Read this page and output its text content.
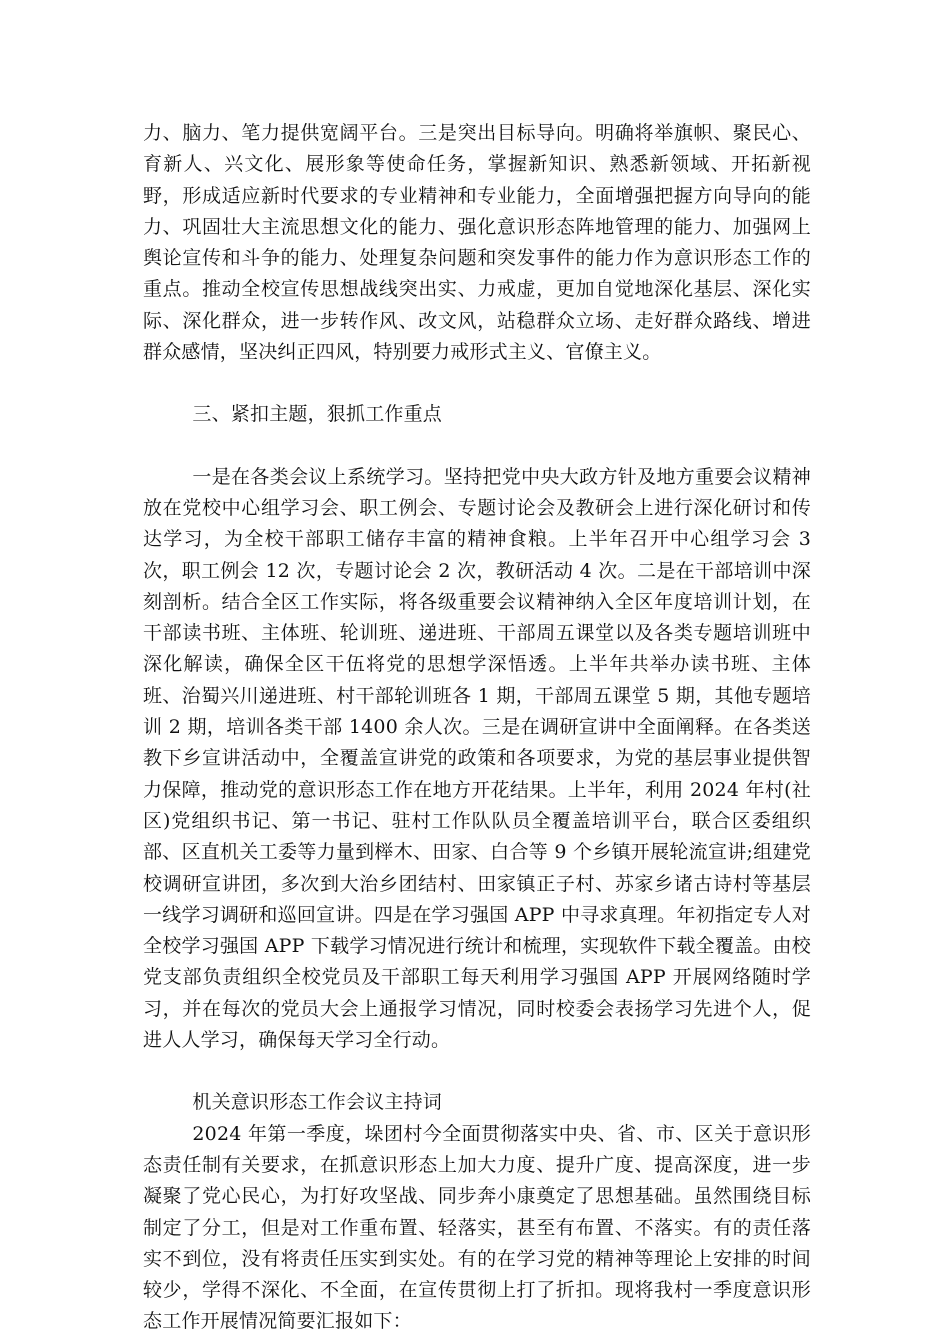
力、脑力、笔力提供宽阔平台。三是突出目标导向。明确将举旗帜、聚民心、育新人、兴文化、展形象等使命任务，掌握新知识、熟悉新领域、开拓新视野，形成适应新时代要求的专业精神和专业能力，全面增强把握方向导向的能力、巩固壮大主流思想文化的能力、强化意识形态阵地管理的能力、加强网上舆论宣传和斗争的能力、处理复杂问题和突发事件的能力作为意识形态工作的重点。推动全校宣传思想战线突出实、力戒虚，更加自觉地深化基层、深化实际、深化群众，进一步转作风、改文风，站稳群众立场、走好群众路线、增进群众感情，坚决纠正四风，特别要力戒形式主义、官僚主义。

三、紧扣主题，狠抓工作重点

一是在各类会议上系统学习。坚持把党中央大政方针及地方重要会议精神放在党校中心组学习会、职工例会、专题讨论会及教研会上进行深化研讨和传达学习，为全校干部职工储存丰富的精神食粮。上半年召开中心组学习会 3 次，职工例会 12 次，专题讨论会 2 次，教研活动 4 次。二是在干部培训中深刻剖析。结合全区工作实际，将各级重要会议精神纳入全区年度培训计划，在干部读书班、主体班、轮训班、递进班、干部周五课堂以及各类专题培训班中深化解读，确保全区干伍将党的思想学深悟透。上半年共举办读书班、主体班、治蜀兴川递进班、村干部轮训班各 1 期，干部周五课堂 5 期，其他专题培训 2 期，培训各类干部 1400 余人次。三是在调研宣讲中全面阐释。在各类送教下乡宣讲活动中，全覆盖宣讲党的政策和各项要求，为党的基层事业提供智力保障，推动党的意识形态工作在地方开花结果。上半年，利用 2024 年村(社区)党组织书记、第一书记、驻村工作队队员全覆盖培训平台，联合区委组织部、区直机关工委等力量到榉木、田家、白合等 9 个乡镇开展轮流宣讲;组建党校调研宣讲团，多次到大治乡团结村、田家镇正子村、苏家乡诸古诗村等基层一线学习调研和巡回宣讲。四是在学习强国 APP 中寻求真理。年初指定专人对全校学习强国 APP 下载学习情况进行统计和梳理，实现软件下载全覆盖。由校党支部负责组织全校党员及干部职工每天利用学习强国 APP 开展网络随时学习，并在每次的党员大会上通报学习情况，同时校委会表扬学习先进个人，促进人人学习，确保每天学习全行动。

机关意识形态工作会议主持词

2024 年第一季度，垛团村今全面贯彻落实中央、省、市、区关于意识形态责任制有关要求，在抓意识形态上加大力度、提升广度、提高深度，进一步凝聚了党心民心，为打好攻坚战、同步奔小康奠定了思想基础。虽然围绕目标制定了分工，但是对工作重布置、轻落实，甚至有布置、不落实。有的责任落实不到位，没有将责任压实到实处。有的在学习党的精神等理论上安排的时间较少，学得不深化、不全面，在宣传贯彻上打了折扣。现将我村一季度意识形态工作开展情况简要汇报如下：
